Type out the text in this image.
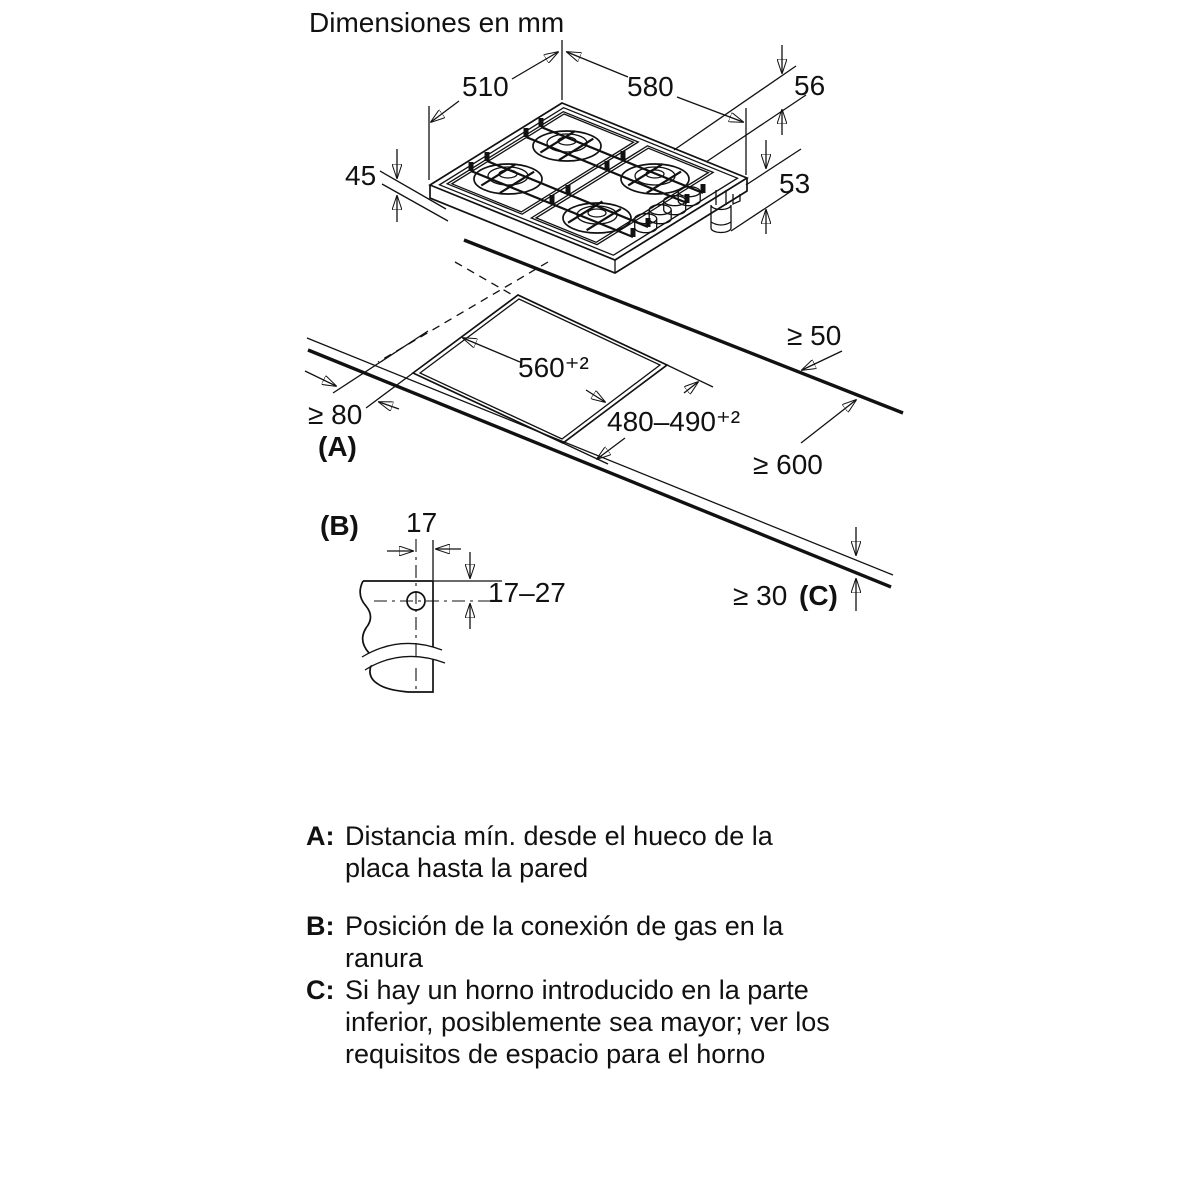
Dimensiones en mm
510	580	56
53
45
≥ 50
≥ 600
560⁺²
480–490⁺²
≥ 80
(A)
≥ 30 (C)
(B) 17
17–27
A: Distancia mín. desde el hueco de la
placa hasta la pared
B: Posición de la conexión de gas en la
ranura
C: Si hay un horno introducido en la parte
inferior, posiblemente sea mayor; ver los
requisitos de espacio para el horno
